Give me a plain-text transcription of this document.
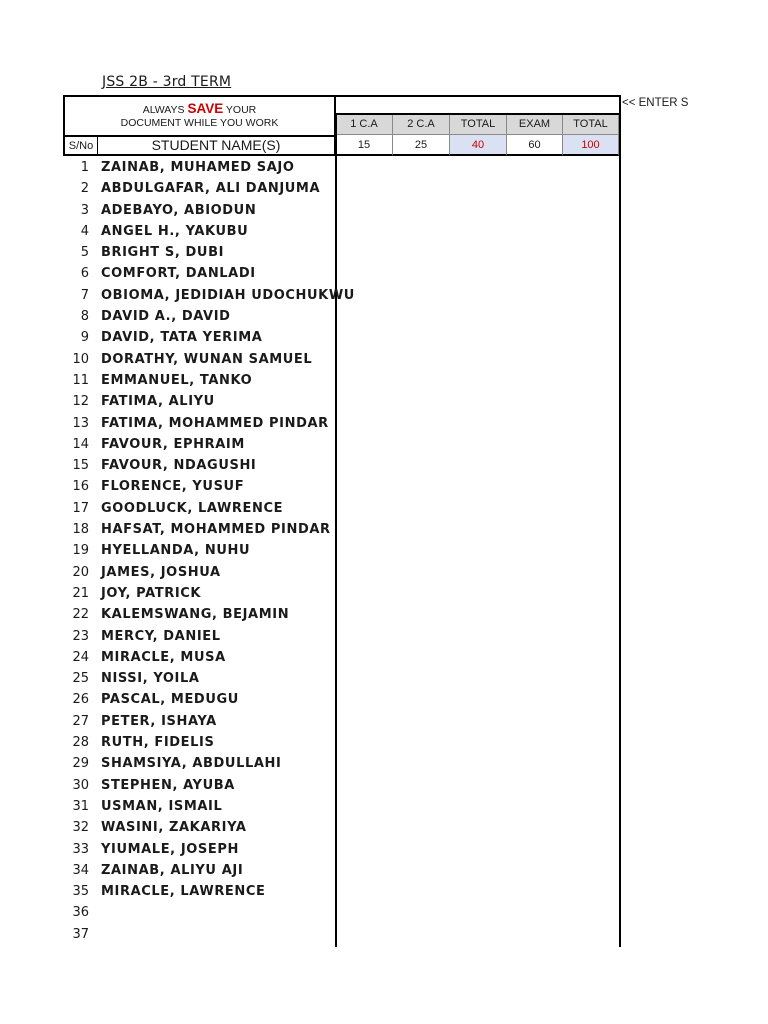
JSS 2B - 3rd TERM
ALWAYS SAVE YOUR
DOCUMENT WHILE YOU WORK	1 C.A	2 C.A	TOTAL	EXAM	TOTAL
S/No	STUDENT NAME(S)	15	25	40	60	100
1 ZAINAB, MUHAMED SAJO
2 ABDULGAFAR, ALI DANJUMA
3 ADEBAYO, ABIODUN
4 ANGEL H., YAKUBU
5 BRIGHT S, DUBI
6 COMFORT, DANLADI
7 OBIOMA, JEDIDIAH UDOCHUKWU
8 DAVID A., DAVID
9 DAVID, TATA YERIMA
10 DORATHY, WUNAN SAMUEL
11 EMMANUEL, TANKO
12 FATIMA, ALIYU
13 FATIMA, MOHAMMED PINDAR
14 FAVOUR, EPHRAIM
15 FAVOUR, NDAGUSHI
16 FLORENCE, YUSUF
17 GOODLUCK, LAWRENCE
18 HAFSAT, MOHAMMED PINDAR
19 HYELLANDA, NUHU
20 JAMES, JOSHUA
21 JOY, PATRICK
22 KALEMSWANG, BEJAMIN
23 MERCY, DANIEL
24 MIRACLE, MUSA
25 NISSI, YOILA
26 PASCAL, MEDUGU
27 PETER, ISHAYA
28 RUTH, FIDELIS
29 SHAMSIYA, ABDULLAHI
30 STEPHEN, AYUBA
31 USMAN, ISMAIL
32 WASINI, ZAKARIYA
33 YIUMALE, JOSEPH
34 ZAINAB, ALIYU AJI
35 MIRACLE, LAWRENCE
36
37
<< ENTER S
